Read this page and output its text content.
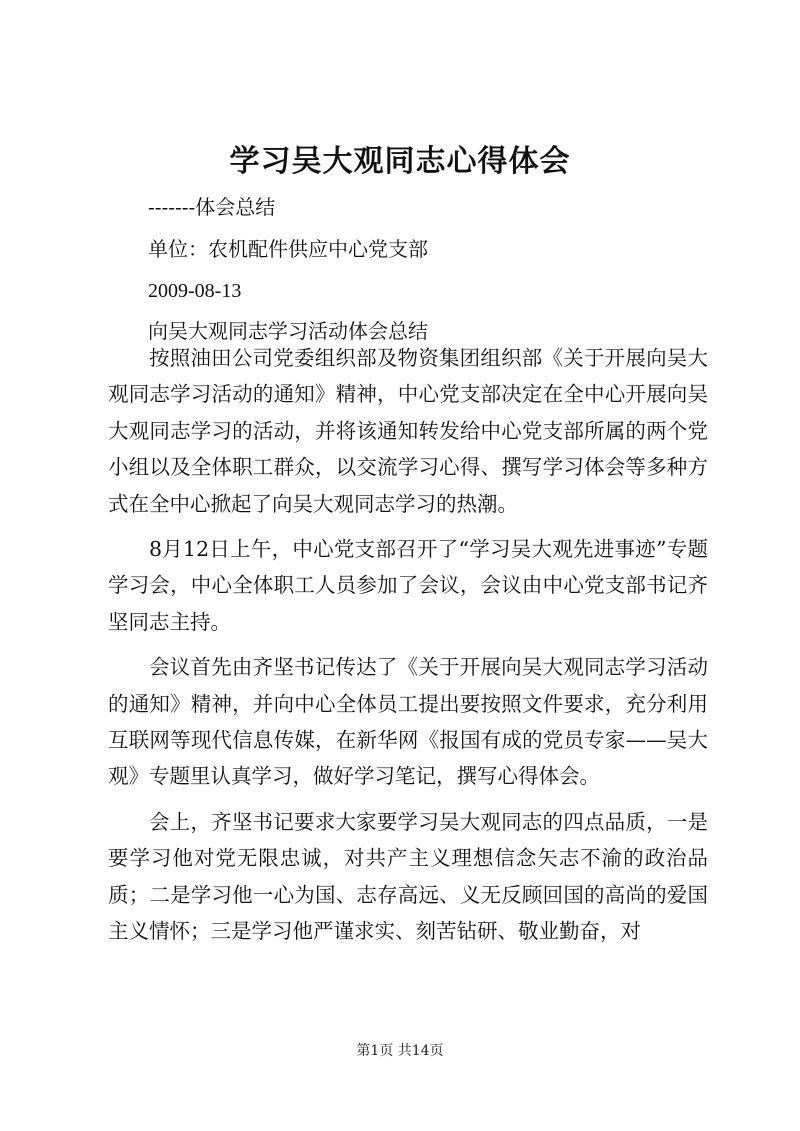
学习吴大观同志心得体会
-------体会总结
单位：农机配件供应中心党支部
2009-08-13
向吴大观同志学习活动体会总结

按照油田公司党委组织部及物资集团组织部《关于开展向吴大观同志学习活动的通知》精神，中心党支部决定在全中心开展向吴大观同志学习的活动，并将该通知转发给中心党支部所属的两个党小组以及全体职工群众，以交流学习心得、撰写学习体会等多种方式在全中心掀起了向吴大观同志学习的热潮。

8月12日上午，中心党支部召开了“学习吴大观先进事迹”专题学习会，中心全体职工人员参加了会议，会议由中心党支部书记齐坚同志主持。

会议首先由齐坚书记传达了《关于开展向吴大观同志学习活动的通知》精神，并向中心全体员工提出要按照文件要求，充分利用互联网等现代信息传媒，在新华网《报国有成的党员专家——吴大观》专题里认真学习，做好学习笔记，撰写心得体会。

会上，齐坚书记要求大家要学习吴大观同志的四点品质，一是要学习他对党无限忠诚，对共产主义理想信念矢志不渝的政治品质；二是学习他一心为国、志存高远、义无反顾回国的高尚的爱国主义情怀；三是学习他严谨求实、刻苦钻研、敬业勤奋，对

第1页 共14页
